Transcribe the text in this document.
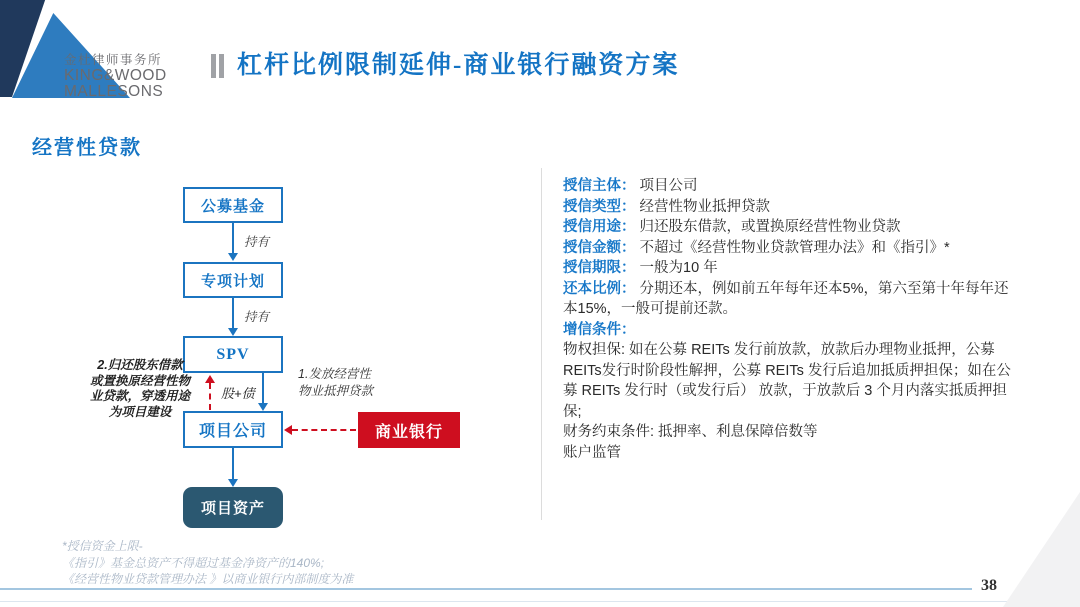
金杜律师事务所
KING&WOOD
MALLESONS
杠杆比例限制延伸-商业银行融资方案
经营性贷款
公募基金
持有
专项计划
持有
SPV
股+债
项目公司
项目资产
商业银行
2.归还股东借款
或置换原经营性物
业贷款，穿透用途
为项目建设
1.发放经营性
物业抵押贷款
授信主体： 项目公司
授信类型： 经营性物业抵押贷款
授信用途： 归还股东借款，或置换原经营性物业贷款
授信金额： 不超过《经营性物业贷款管理办法》和《指引》*
授信期限： 一般为10 年
还本比例： 分期还本，例如前五年每年还本5%，第六至第十年每年还本15%，一般可提前还款。
增信条件：
物权担保: 如在公募 REITs 发行前放款，放款后办理物业抵押，公募REITs发行时阶段性解押，公募 REITs 发行后追加抵质押担保；如在公募 REITs 发行时（或发行后） 放款，于放款后 3 个月内落实抵质押担保;
财务约束条件: 抵押率、利息保障倍数等
账户监管
*授信资金上限-
《指引》基金总资产不得超过基金净资产的140%;
《经营性物业贷款管理办法 》以商业银行内部制度为准	38
